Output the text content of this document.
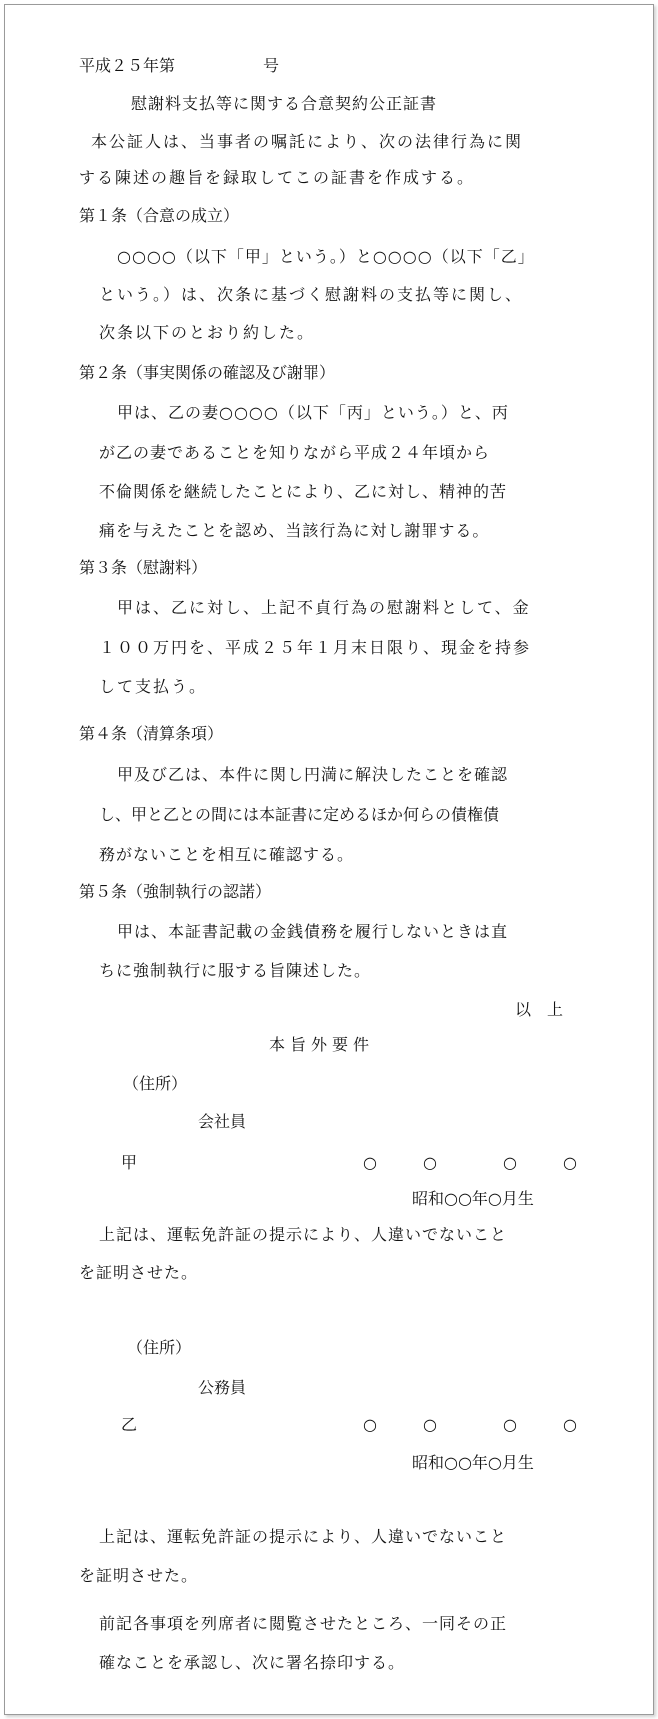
平成２５年第	号
慰謝料支払等に関する合意契約公正証書
本公証人は、当事者の嘱託により、次の法律行為に関
する陳述の趣旨を録取してこの証書を作成する。
第１条（合意の成立）
○○○○（以下「甲」という。）と○○○○（以下「乙」
という。）は、次条に基づく慰謝料の支払等に関し、
次条以下のとおり約した。
第２条（事実関係の確認及び謝罪）
甲は、乙の妻○○○○（以下「丙」という。）と、丙
が乙の妻であることを知りながら平成２４年頃から
不倫関係を継続したことにより、乙に対し、精神的苦
痛を与えたことを認め、当該行為に対し謝罪する。
第３条（慰謝料）
甲は、乙に対し、上記不貞行為の慰謝料として、金
１００万円を、平成２５年１月末日限り、現金を持参
して支払う。
第４条（清算条項）
甲及び乙は、本件に関し円満に解決したことを確認
し、甲と乙との間には本証書に定めるほか何らの債権債
務がないことを相互に確認する。
第５条（強制執行の認諾）
甲は、本証書記載の金銭債務を履行しないときは直
ちに強制執行に服する旨陳述した。
以　上
本旨外要件
（住所）
会社員
甲	○	○	○	○
昭和○○年○月生
上記は、運転免許証の提示により、人違いでないこと
を証明させた。
（住所）
公務員
乙	○	○	○	○
昭和○○年○月生
上記は、運転免許証の提示により、人違いでないこと
を証明させた。
前記各事項を列席者に閲覧させたところ、一同その正
確なことを承認し、次に署名捺印する。
